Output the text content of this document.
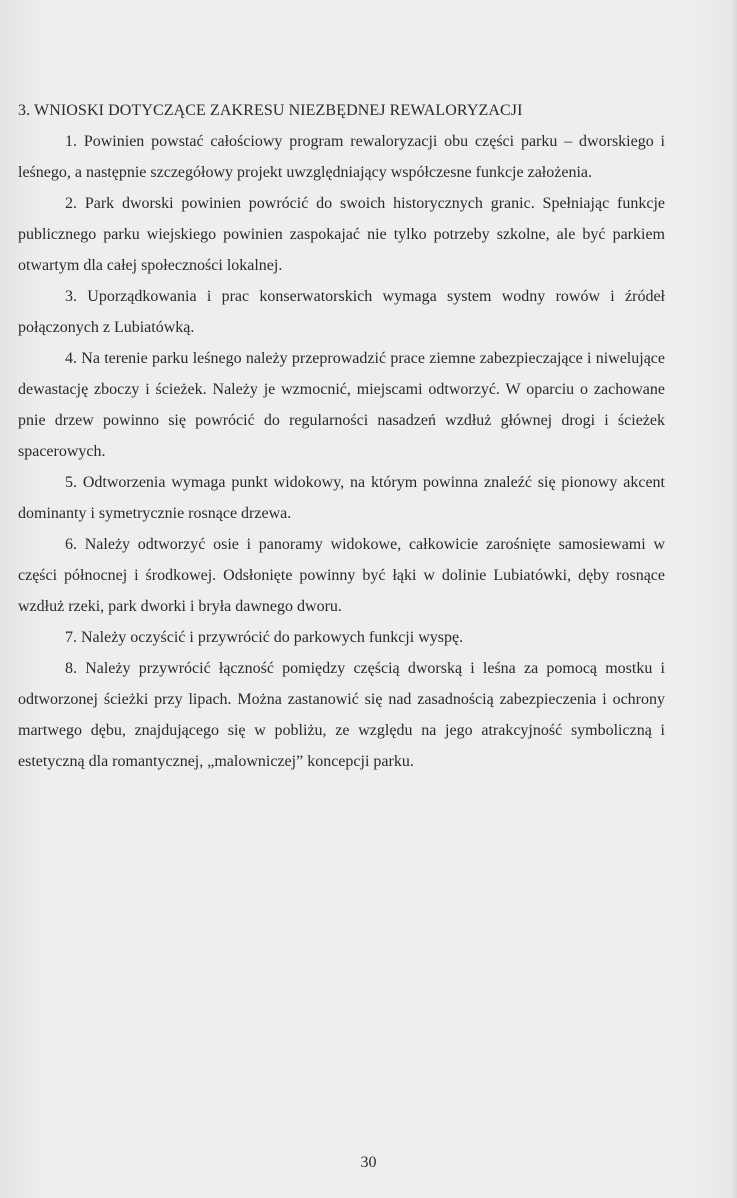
3. WNIOSKI DOTYCZĄCE ZAKRESU NIEZBĘDNEJ REWALORYZACJI

1. Powinien powstać całościowy program rewaloryzacji obu części parku – dworskiego i leśnego, a następnie szczegółowy projekt uwzględniający współczesne funkcje założenia.

2. Park dworski powinien powrócić do swoich historycznych granic. Spełniając funkcje publicznego parku wiejskiego powinien zaspokajać nie tylko potrzeby szkolne, ale być parkiem otwartym dla całej społeczności lokalnej.

3. Uporządkowania i prac konserwatorskich wymaga system wodny rowów i źródeł połączonych z Lubiatówką.

4. Na terenie parku leśnego należy przeprowadzić prace ziemne zabezpieczające i niwelujące dewastację zboczy i ścieżek. Należy je wzmocnić, miejscami odtworzyć. W oparciu o zachowane pnie drzew powinno się powrócić do regularności nasadzeń wzdłuż głównej drogi i ścieżek spacerowych.

5. Odtworzenia wymaga punkt widokowy, na którym powinna znaleźć się pionowy akcent dominanty i symetrycznie rosnące drzewa.

6. Należy odtworzyć osie i panoramy widokowe, całkowicie zarośnięte samosiewami w części północnej i środkowej. Odsłonięte powinny być łąki w dolinie Lubiatówki, dęby rosnące wzdłuż rzeki, park dworki i bryła dawnego dworu.

7. Należy oczyścić i przywrócić do parkowych funkcji wyspę.

8. Należy przywrócić łączność pomiędzy częścią dworską i leśna za pomocą mostku i odtworzonej ścieżki przy lipach. Można zastanowić się nad zasadnością zabezpieczenia i ochrony martwego dębu, znajdującego się w pobliżu, ze względu na jego atrakcyjność symboliczną i estetyczną dla romantycznej, „malowniczej” koncepcji parku.

30
